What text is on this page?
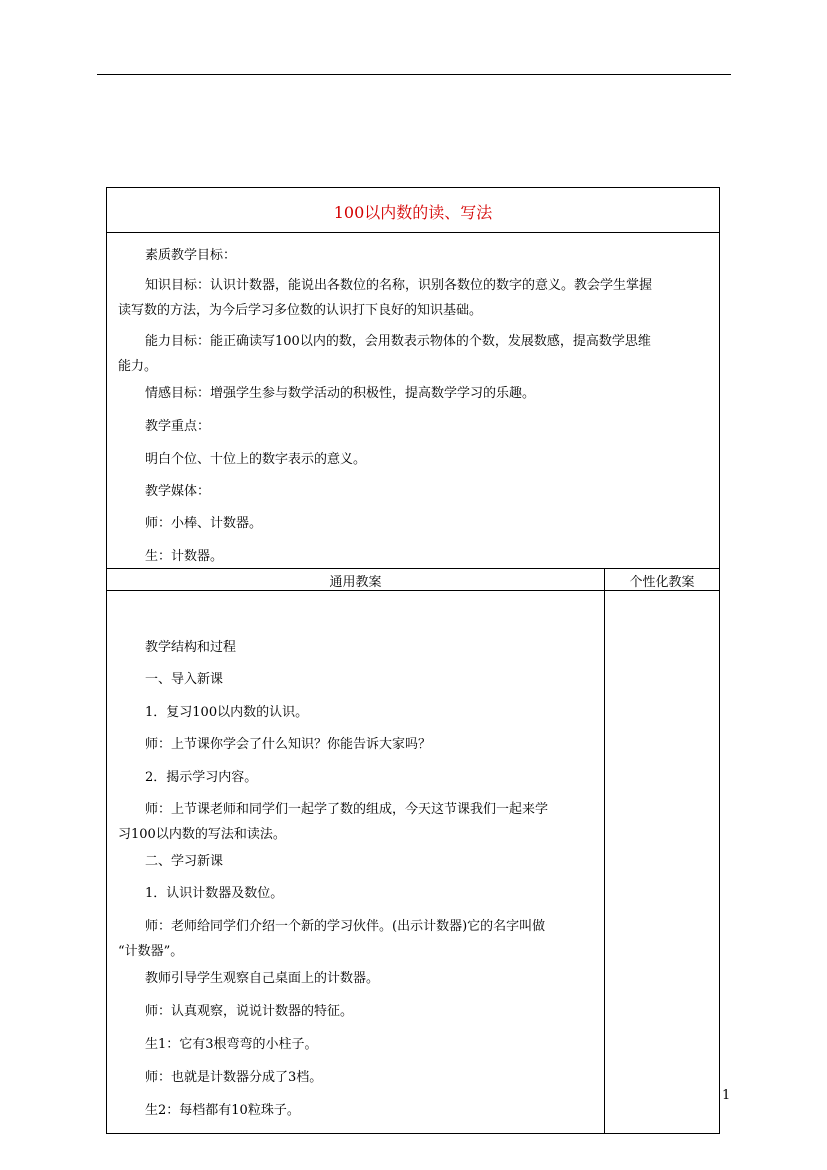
100以内数的读、写法
素质教学目标：
知识目标：认识计数器，能说出各数位的名称，识别各数位的数字的意义。教会学生掌握
读写数的方法，为今后学习多位数的认识打下良好的知识基础。
能力目标：能正确读写100以内的数，会用数表示物体的个数，发展数感，提高数学思维
能力。
情感目标：增强学生参与数学活动的积极性，提高数学学习的乐趣。
教学重点：
明白个位、十位上的数字表示的意义。
教学媒体：
师：小棒、计数器。
生：计数器。
通用教案	个性化教案
教学结构和过程
一、导入新课
1．复习100以内数的认识。
师：上节课你学会了什么知识？你能告诉大家吗？
2．揭示学习内容。
师：上节课老师和同学们一起学了数的组成，今天这节课我们一起来学
习100以内数的写法和读法。
二、学习新课
1．认识计数器及数位。
师：老师给同学们介绍一个新的学习伙伴。(出示计数器)它的名字叫做
“计数器”。
教师引导学生观察自己桌面上的计数器。
师：认真观察，说说计数器的特征。
生1：它有3根弯弯的小柱子。
师：也就是计数器分成了3档。
生2：每档都有10粒珠子。
1
